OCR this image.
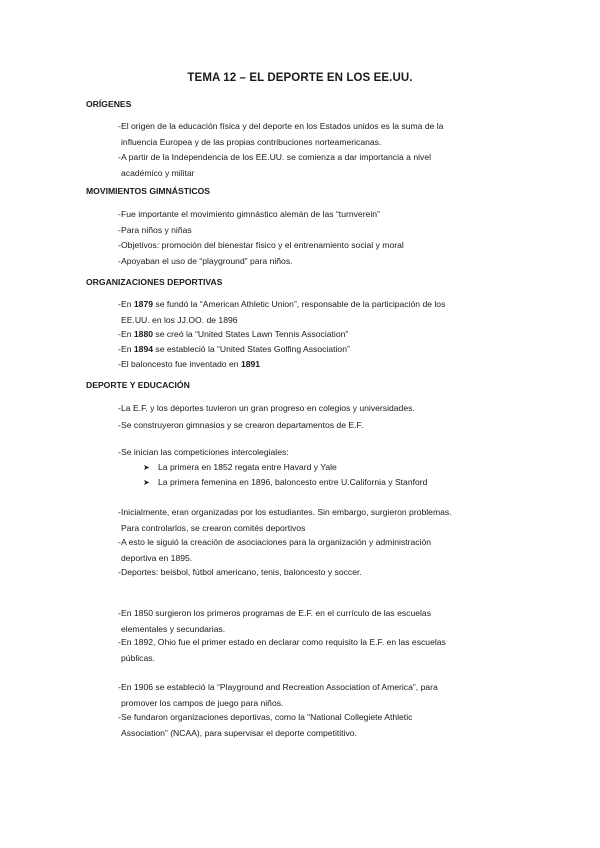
TEMA 12 – EL DEPORTE EN LOS EE.UU.
ORÍGENES
- El origen de la educación física y del deporte en los Estados unidos es la suma de la
influencia Europea y de las propias contribuciones norteamericanas.
- A partir de la Independencia de los EE.UU. se comienza a dar importancia a nivel
académico y militar
MOVIMIENTOS GIMNÁSTICOS
- Fue importante el movimiento gimnástico alemán de las “turnverein”
- Para niños y niñas
- Objetivos: promoción del bienestar físico y el entrenamiento social y moral
- Apoyaban el uso de “playground” para niños.
ORGANIZACIONES DEPORTIVAS
- En 1879 se fundó la “American Athletic Union”, responsable de la participación de los
EE.UU. en los JJ.OO. de 1896
- En 1880 se creó la “United States Lawn Tennis Association”
- En 1894 se estableció la “United States Golfing Association”
- El baloncesto fue inventado en 1891
DEPORTE Y EDUCACIÓN
- La E.F. y los deportes tuvieron un gran progreso en colegios y universidades.
- Se construyeron gimnasios y se crearon departamentos de E.F.
- Se inician las competiciones intercolegiales:
➤ La primera en 1852 regata entre Havard y Yale
➤ La primera femenina en 1896, baloncesto entre U.California y Stanford
- Inicialmente, eran organizadas por los estudiantes. Sin embargo, surgieron problemas.
Para controlarlos, se crearon comités deportivos
- A esto le siguió la creación de asociaciones para la organización y administración
deportiva en 1895.
- Deportes: beisbol, fútbol americano, tenis, baloncesto y soccer.
- En 1850 surgieron los primeros programas de E.F. en el currículo de las escuelas
elementales y secundarias.
- En 1892, Ohio fue el primer estado en declarar como requisito la E.F. en las escuelas
públicas.
- En 1906 se estableció la “Playground and Recreation Association of America”, para
promover los campos de juego para niños.
- Se fundaron organizaciones deportivas, como la “National Collegiete Athletic
Association” (NCAA), para supervisar el deporte competititivo.
